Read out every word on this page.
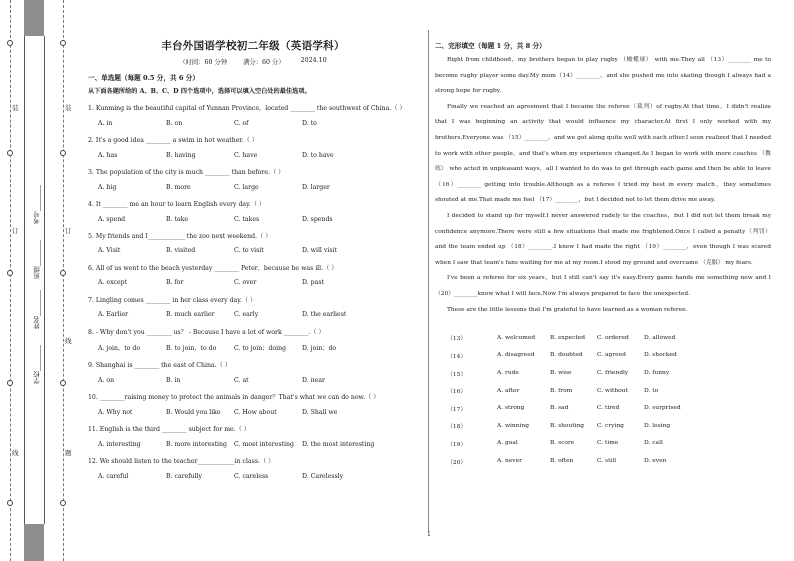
装
订
线
装
订
线
题
学校________
姓名________
班级________
考号________
丰台外国语学校初二年级（英语学科）
（时间：60 分钟	满分：60 分）	2024.10
一、单选题（每题 0.5 分，共 6 分）
从下面各题所给的 A、B、C、D 四个选项中，选择可以填入空白处的最佳选项。
1. Kunming is the beautiful capital of Yunnan Province，located ________ the southwest of China.（ ）
A. in	B. on	C. of	D. to
2. It's a good idea ________ a swim in hot weather.（ ）
A. has	B. having	C. have	D. to have
3. The population of the city is much ________ than before.（ ）
A. big	B. more	C. large	D. larger
4. It ________ me an hour to learn English every day.（ ）
A. spend	B. take	C. takes	D. spends
5. My friends and I____________ the zoo next weekend.（ ）
A. Visit	B. visited	C. to visit	D. will visit
6. All of us went to the beach yesterday ________ Peter，because he was ill.（ ）
A. except	B. for	C. over	D. past
7. Lingling comes ________ in her class every day.（ ）
A. Earlier	B. much earlier	C. early	D. the earliest
8. - Why don't you ________ us？ - Because I have a lot of work ________.（ ）
A. join，to do	B. to join，to do	C. to join；doing	D. join；do
9. Shanghai is ________ the east of China.（ ）
A. on	B. in	C. at	D. near
10. ________raising money to protect the animals in danger？That's what we can do now.（ ）
A. Why not	B. Would you like	C. How about	D. Shall we
11. English is the third ________ subject for me.（ ）
A. interesting	B. more interesting	C. most interesting	D. the most interesting
12. We should listen to the teacher____________in class.（ ）
A. careful	B. carefully	C. careless	D. Carelessly
二、完形填空（每题 1 分，共 8 分）

Right from childhood，my brothers began to play rugby （橄榄球） with me.They all （13）________ me to become rugby player some day.My mom（14）________，and she pushed me into skating though I always had a strong hope for rugby.

Finally we reached an agreement that I became the referee（裁判）of rugby.At that time，I didn't realize that I was beginning an activity that would influence my character.At first I only worked with my brothers.Everyone was （15）________，and we got along quite well with each other.I soon realized that I needed to work with other people，and that's when my experience changed.As I began to work with more coaches （教练） who acted in unpleasant ways，all I wanted to do was to get through each game and then be able to leave （16）________ getting into trouble.Although as a referee I tried my best in every match，they sometimes shouted at me.That made me feel （17）________，but I decided not to let them drive me away.

I decided to stand up for myself.I never answered rudely to the coaches，but I did not let them break my confidence anymore.There were still a few situations that made me frightened.Once I called a penalty（判罚） and the team ended up （18）________.I knew I had made the right （19）________，even though I was scared when I saw that team's fans waiting for me at my room.I stood my ground and overcame （克服） my fears.

I've been a referee for six years，but I still can't say it's easy.Every game hands me something new and I（20）________know what I will face.Now I'm always prepared to face the unexpected.

These are the little lessons that I'm grateful to have learned as a woman referee.

（13）	A. welcomed	B. expected	C. ordered	D. allowed
（14）	A. disagreed	B. doubted	C. agreed	D. shocked
（15）	A. rude	B. wise	C. friendly	D. funny
（16）	A. after	B. from	C. without	D. to
（17）	A. strong	B. sad	C. tired	D. surprised
（18）	A. winning	B. shouting	C. crying	D. losing
（19）	A. goal	B. score	C. time	D. call
（20）	A. never	B. often	C. still	D. even
1
